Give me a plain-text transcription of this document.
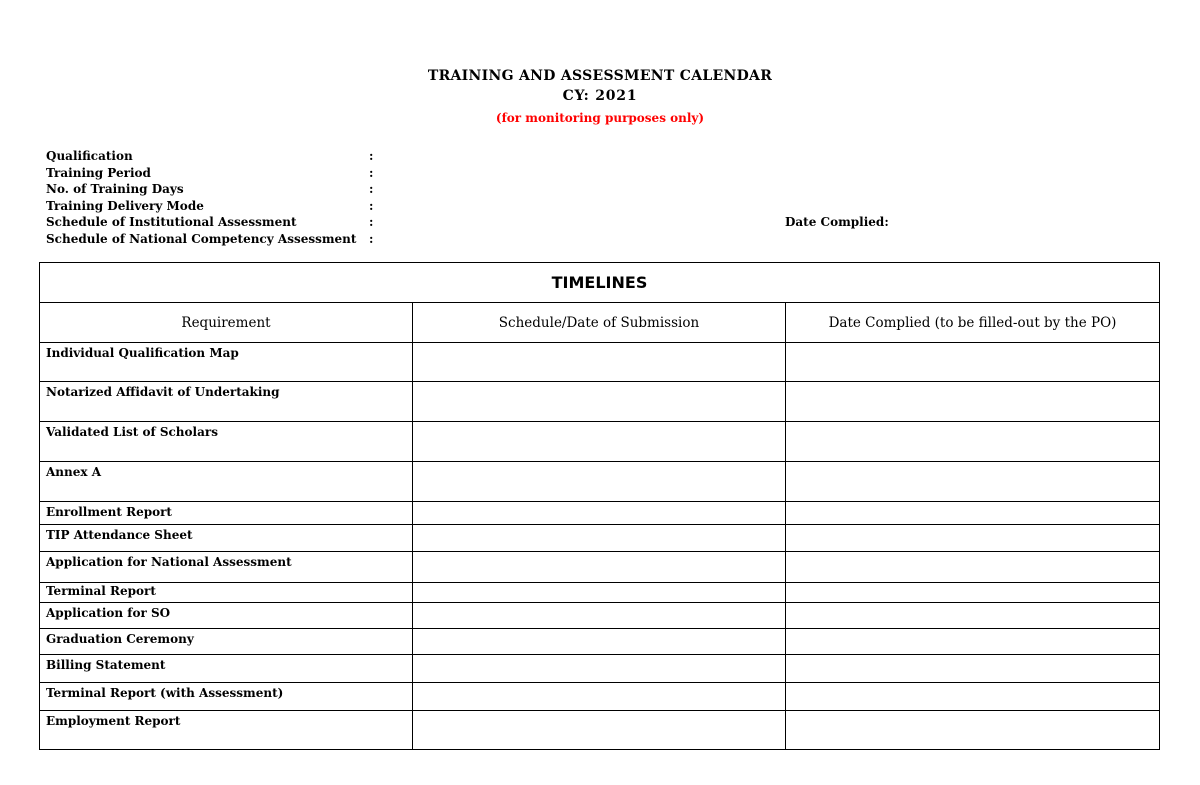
TRAINING AND ASSESSMENT CALENDAR
CY: 2021
(for monitoring purposes only)
Qualification	:
Training Period	:
No. of Training Days	:
Training Delivery Mode	:
Schedule of Institutional Assessment	:	Date Complied:
Schedule of National Competency Assessment :
TIMELINES		
Requirement	Schedule/Date of Submission	Date Complied (to be filled-out by the PO)
Individual Qualification Map		
Notarized Affidavit of Undertaking		
Validated List of Scholars		
Annex A		
Enrollment Report		
TIP Attendance Sheet		
Application for National Assessment		
Terminal Report		
Application for SO		
Graduation Ceremony		
Billing Statement		
Terminal Report (with Assessment)		
Employment Report		
